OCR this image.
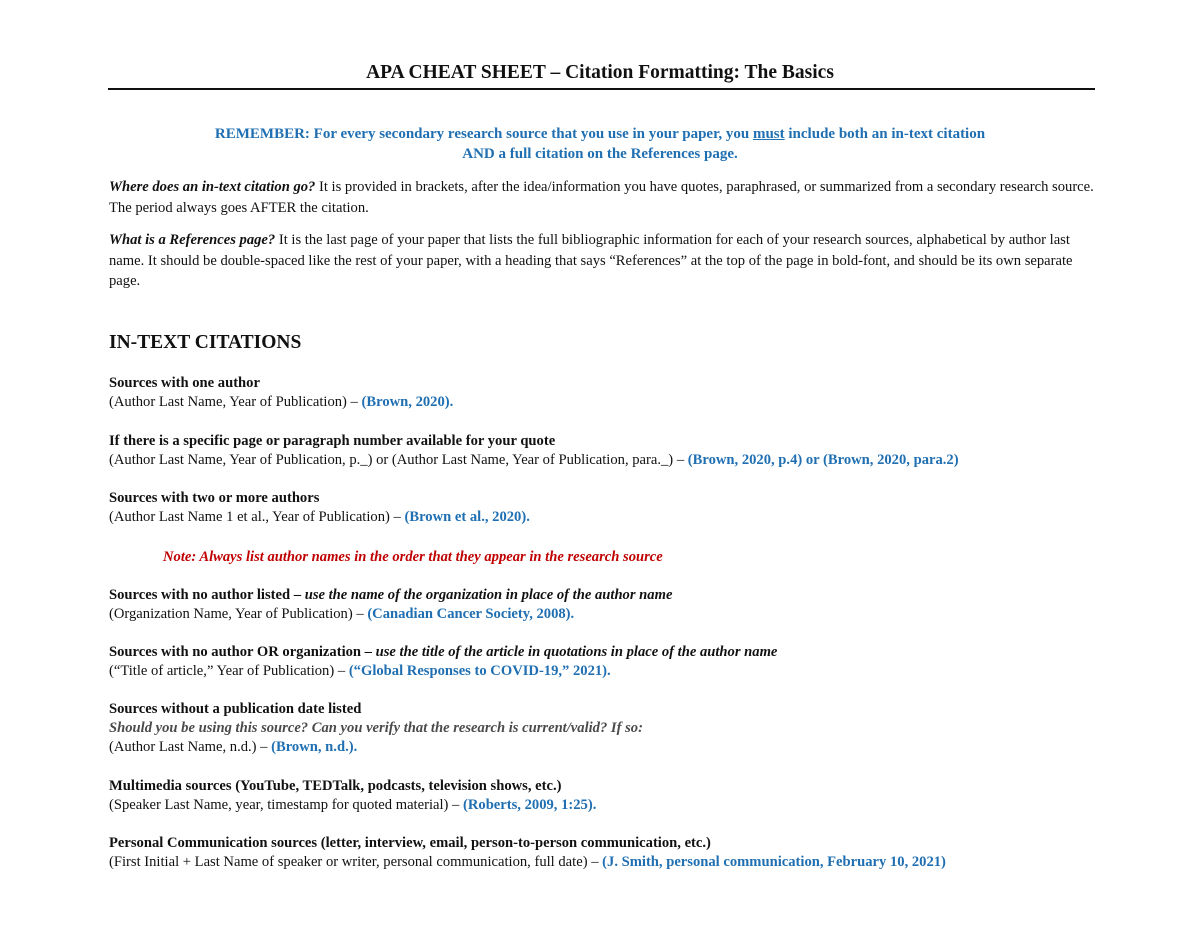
APA CHEAT SHEET – Citation Formatting: The Basics
REMEMBER: For every secondary research source that you use in your paper, you must include both an in-text citation
AND a full citation on the References page.
Where does an in-text citation go? It is provided in brackets, after the idea/information you have quotes, paraphrased, or summarized from a secondary research source. The period always goes AFTER the citation.
What is a References page? It is the last page of your paper that lists the full bibliographic information for each of your research sources, alphabetical by author last name. It should be double-spaced like the rest of your paper, with a heading that says “References” at the top of the page in bold-font, and should be its own separate page.
IN-TEXT CITATIONS
Sources with one author
(Author Last Name, Year of Publication) – (Brown, 2020).
If there is a specific page or paragraph number available for your quote
(Author Last Name, Year of Publication, p._) or (Author Last Name, Year of Publication, para._) – (Brown, 2020, p.4) or (Brown, 2020, para.2)
Sources with two or more authors
(Author Last Name 1 et al., Year of Publication) – (Brown et al., 2020).
Note: Always list author names in the order that they appear in the research source
Sources with no author listed – use the name of the organization in place of the author name
(Organization Name, Year of Publication) – (Canadian Cancer Society, 2008).
Sources with no author OR organization – use the title of the article in quotations in place of the author name
(“Title of article,” Year of Publication) – (“Global Responses to COVID-19,” 2021).
Sources without a publication date listed
Should you be using this source? Can you verify that the research is current/valid? If so:
(Author Last Name, n.d.) – (Brown, n.d.).
Multimedia sources (YouTube, TEDTalk, podcasts, television shows, etc.)
(Speaker Last Name, year, timestamp for quoted material) – (Roberts, 2009, 1:25).
Personal Communication sources (letter, interview, email, person-to-person communication, etc.)
(First Initial + Last Name of speaker or writer, personal communication, full date) – (J. Smith, personal communication, February 10, 2021)
